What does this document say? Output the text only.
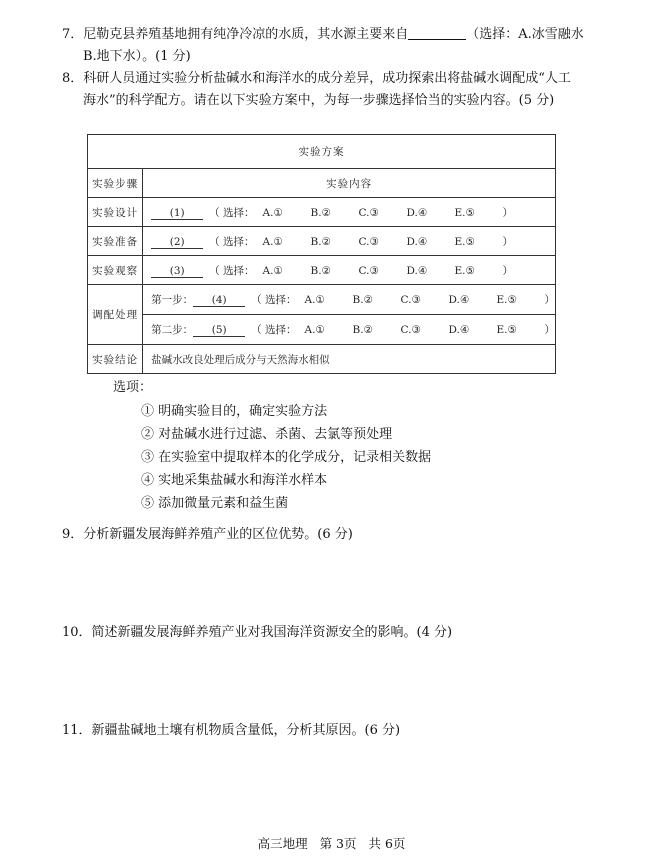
7．尼勒克县养殖基地拥有纯净冷凉的水质，其水源主要来自	（选择：A.冰雪融水
B.地下水）。(1 分)
8．科研人员通过实验分析盐碱水和海洋水的成分差异，成功探索出将盐碱水调配成“人工
海水”的科学配方。请在以下实验方案中，为每一步骤选择恰当的实验内容。(5 分)
实验方案	
实验步骤	实验内容
实验设计	(1) （ 选择： A.① B.② C.③ D.④ E.⑤ ）
实验准备	(2) （ 选择： A.① B.② C.③ D.④ E.⑤ ）
实验观察	(3) （ 选择： A.① B.② C.③ D.④ E.⑤ ）
调配处理	第一步： (4) （ 选择： A.① B.② C.③ D.④ E.⑤ ）
	第二步： (5) （ 选择： A.① B.② C.③ D.④ E.⑤ ）
实验结论	盐碱水改良处理后成分与天然海水相似
选项：
① 明确实验目的，确定实验方法
② 对盐碱水进行过滤、杀菌、去氯等预处理
③ 在实验室中提取样本的化学成分，记录相关数据
④ 实地采集盐碱水和海洋水样本
⑤ 添加微量元素和益生菌
9．分析新疆发展海鲜养殖产业的区位优势。(6 分)
10．简述新疆发展海鲜养殖产业对我国海洋资源安全的影响。(4 分)
11．新疆盐碱地土壤有机物质含量低，分析其原因。(6 分)
高三地理 第 3页 共 6页
